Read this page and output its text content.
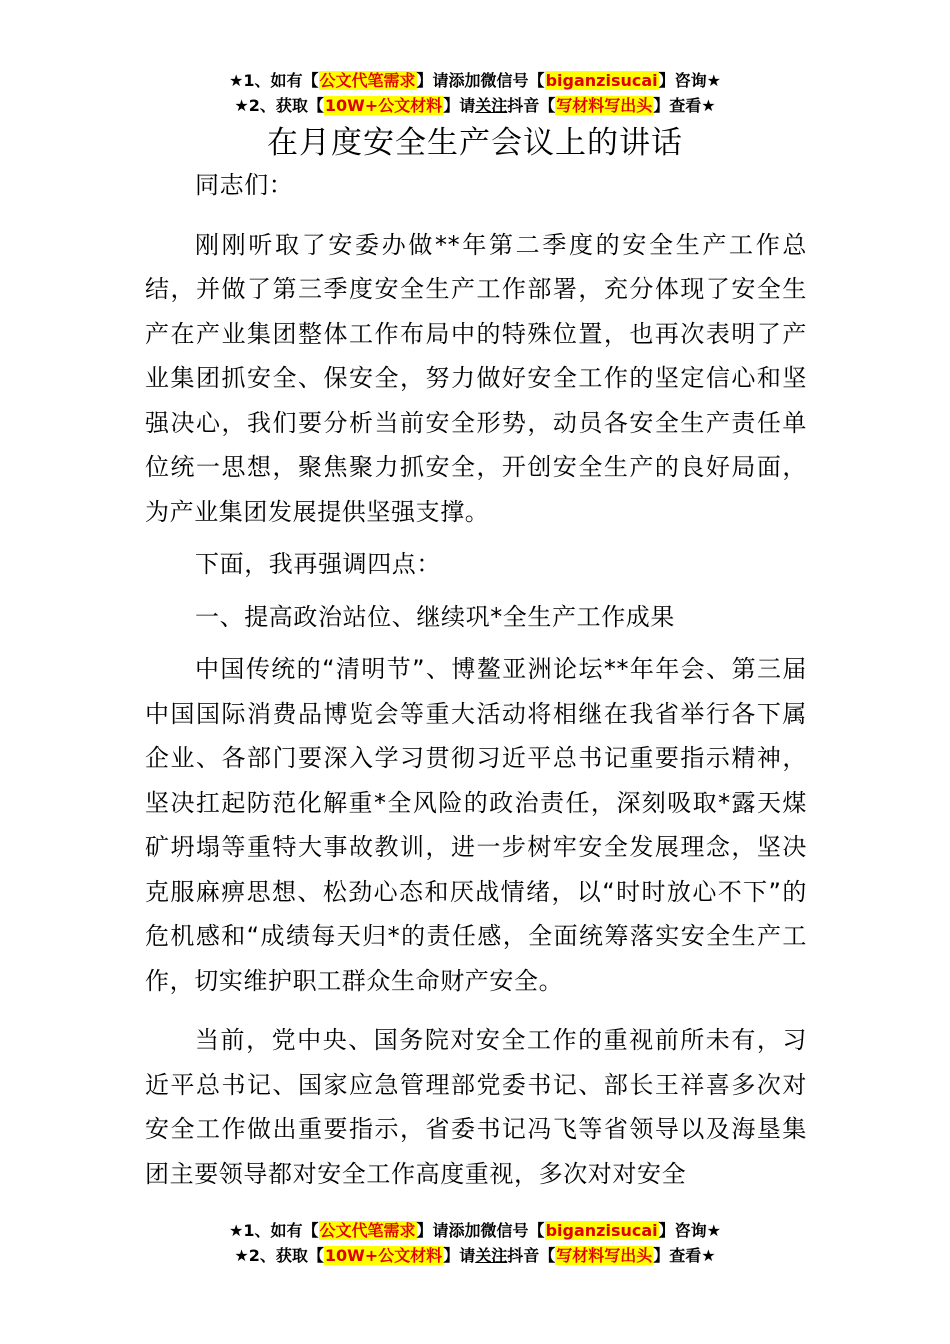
★1、如有【公文代笔需求】请添加微信号【biganzisucai】咨询★
★2、获取【10W+公文材料】请关注抖音【写材料写出头】查看★
在月度安全生产会议上的讲话

同志们：

刚刚听取了安委办做**年第二季度的安全生产工作总结，并做了第三季度安全生产工作部署，充分体现了安全生产在产业集团整体工作布局中的特殊位置，也再次表明了产业集团抓安全、保安全，努力做好安全工作的坚定信心和坚强决心，我们要分析当前安全形势，动员各安全生产责任单位统一思想，聚焦聚力抓安全，开创安全生产的良好局面，为产业集团发展提供坚强支撑。

下面，我再强调四点：

一、提高政治站位、继续巩*全生产工作成果

中国传统的“清明节”、博鳌亚洲论坛**年年会、第三届中国国际消费品博览会等重大活动将相继在我省举行各下属企业、各部门要深入学习贯彻习近平总书记重要指示精神，坚决扛起防范化解重*全风险的政治责任，深刻吸取*露天煤矿坍塌等重特大事故教训，进一步树牢安全发展理念，坚决克服麻痹思想、松劲心态和厌战情绪，以“时时放心不下”的危机感和“成绩每天归*的责任感，全面统筹落实安全生产工作，切实维护职工群众生命财产安全。

当前，党中央、国务院对安全工作的重视前所未有，习近平总书记、国家应急管理部党委书记、部长王祥喜多次对安全工作做出重要指示，省委书记冯飞等省领导以及海垦集团主要领导都对安全工作高度重视，多次对对安全

★1、如有【公文代笔需求】请添加微信号【biganzisucai】咨询★
★2、获取【10W+公文材料】请关注抖音【写材料写出头】查看★
